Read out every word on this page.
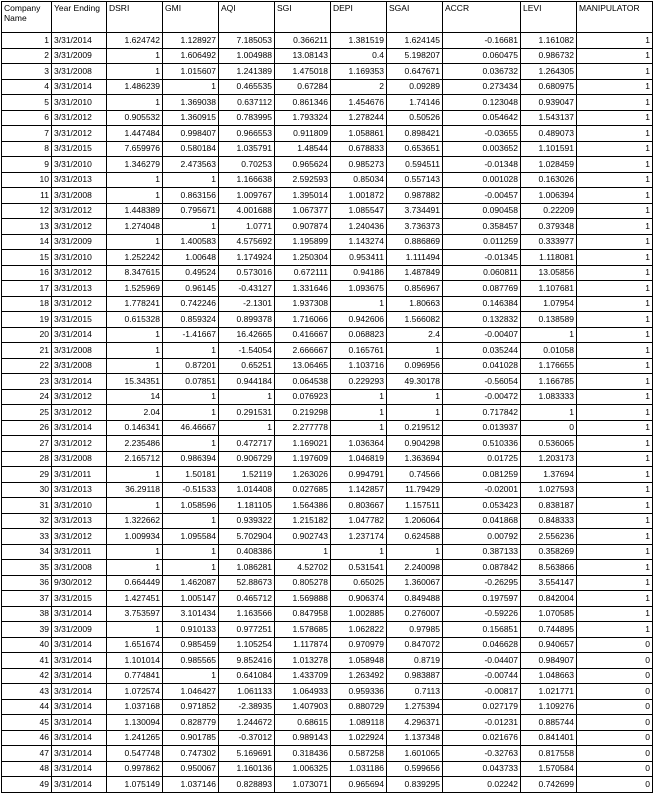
Company Name	Year Ending	DSRI	GMI	AQI	SGI	DEPI	SGAI	ACCR	LEVI	MANIPULATOR
1	3/31/2014	1.624742	1.128927	7.185053	0.366211	1.381519	1.624145	-0.16681	1.161082	1
2	3/31/2009	1	1.606492	1.004988	13.08143	0.4	5.198207	0.060475	0.986732	1
3	3/31/2008	1	1.015607	1.241389	1.475018	1.169353	0.647671	0.036732	1.264305	1
4	3/31/2014	1.486239	1	0.465535	0.67284	2	0.09289	0.273434	0.680975	1
5	3/31/2010	1	1.369038	0.637112	0.861346	1.454676	1.74146	0.123048	0.939047	1
6	3/31/2012	0.905532	1.360915	0.783995	1.793324	1.278244	0.50526	0.054642	1.543137	1
7	3/31/2012	1.447484	0.998407	0.966553	0.911809	1.058861	0.898421	-0.03655	0.489073	1
8	3/31/2015	7.659976	0.580184	1.035791	1.48544	0.678833	0.653651	0.003652	1.101591	1
9	3/31/2010	1.346279	2.473563	0.70253	0.965624	0.985273	0.594511	-0.01348	1.028459	1
10	3/31/2013	1	1	1.166638	2.592593	0.85034	0.557143	0.001028	0.163026	1
11	3/31/2008	1	0.863156	1.009767	1.395014	1.001872	0.987882	-0.00457	1.006394	1
12	3/31/2012	1.448389	0.795671	4.001688	1.067377	1.085547	3.734491	0.090458	0.22209	1
13	3/31/2012	1.274048	1	1.0771	0.907874	1.240436	3.736373	0.358457	0.379348	1
14	3/31/2009	1	1.400583	4.575692	1.195899	1.143274	0.886869	0.011259	0.333977	1
15	3/31/2010	1.252242	1.00648	1.174924	1.250304	0.953411	1.111494	-0.01345	1.118081	1
16	3/31/2012	8.347615	0.49524	0.573016	0.672111	0.94186	1.487849	0.060811	13.05856	1
17	3/31/2013	1.525969	0.96145	-0.43127	1.331646	1.093675	0.856967	0.087769	1.107681	1
18	3/31/2012	1.778241	0.742246	-2.1301	1.937308	1	1.80663	0.146384	1.07954	1
19	3/31/2015	0.615328	0.859324	0.899378	1.716066	0.942606	1.566082	0.132832	0.138589	1
20	3/31/2014	1	-1.41667	16.42665	0.416667	0.068823	2.4	-0.00407	1	1
21	3/31/2008	1	1	-1.54054	2.666667	0.165761	1	0.035244	0.01058	1
22	3/31/2008	1	0.87201	0.65251	13.06465	1.103716	0.096956	0.041028	1.176655	1
23	3/31/2014	15.34351	0.07851	0.944184	0.064538	0.229293	49.30178	-0.56054	1.166785	1
24	3/31/2012	14	1	1	0.076923	1	1	-0.00472	1.083333	1
25	3/31/2012	2.04	1	0.291531	0.219298	1	1	0.717842	1	1
26	3/31/2014	0.146341	46.46667	1	2.277778	1	0.219512	0.013937	0	1
27	3/31/2012	2.235486	1	0.472717	1.169021	1.036364	0.904298	0.510336	0.536065	1
28	3/31/2008	2.165712	0.986394	0.906729	1.197609	1.046819	1.363694	0.01725	1.203173	1
29	3/31/2011	1	1.50181	1.52119	1.263026	0.994791	0.74566	0.081259	1.37694	1
30	3/31/2013	36.29118	-0.51533	1.014408	0.027685	1.142857	11.79429	-0.02001	1.027593	1
31	3/31/2010	1	1.058596	1.181105	1.564386	0.803667	1.157511	0.053423	0.838187	1
32	3/31/2013	1.322662	1	0.939322	1.215182	1.047782	1.206064	0.041868	0.848333	1
33	3/31/2012	1.009934	1.095584	5.702904	0.902743	1.237174	0.624588	0.00792	2.556236	1
34	3/31/2011	1	1	0.408386	1	1	1	0.387133	0.358269	1
35	3/31/2008	1	1	1.086281	4.52702	0.531541	2.240098	0.087842	8.563866	1
36	9/30/2012	0.664449	1.462087	52.88673	0.805278	0.65025	1.360067	-0.26295	3.554147	1
37	3/31/2015	1.427451	1.005147	0.465712	1.569888	0.906374	0.849488	0.197597	0.842004	1
38	3/31/2014	3.753597	3.101434	1.163566	0.847958	1.002885	0.276007	-0.59226	1.070585	1
39	3/31/2009	1	0.910133	0.977251	1.578685	1.062822	0.97985	0.156851	0.744895	1
40	3/31/2014	1.651674	0.985459	1.105254	1.117874	0.970979	0.847072	0.046628	0.940657	0
41	3/31/2014	1.101014	0.985565	9.852416	1.013278	1.058948	0.8719	-0.04407	0.984907	0
42	3/31/2014	0.774841	1	0.641084	1.433709	1.263492	0.983887	-0.00744	1.048663	0
43	3/31/2014	1.072574	1.046427	1.061133	1.064933	0.959336	0.7113	-0.00817	1.021771	0
44	3/31/2014	1.037168	0.971852	-2.38935	1.407903	0.880729	1.275394	0.027179	1.109276	0
45	3/31/2014	1.130094	0.828779	1.244672	0.68615	1.089118	4.296371	-0.01231	0.885744	0
46	3/31/2014	1.241265	0.901785	-0.37012	0.989143	1.022924	1.137348	0.021676	0.841401	0
47	3/31/2014	0.547748	0.747302	5.169691	0.318436	0.587258	1.601065	-0.32763	0.817558	0
48	3/31/2014	0.997862	0.950067	1.160136	1.006325	1.031186	0.599656	0.043733	1.570584	0
49	3/31/2014	1.075149	1.037146	0.828893	1.073071	0.965694	0.839295	0.02242	0.742699	0
